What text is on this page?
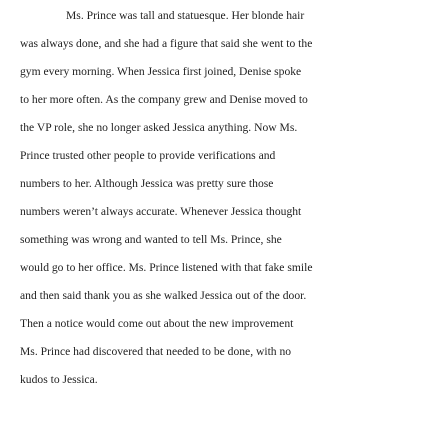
Ms. Prince was tall and statuesque. Her blonde hair
was always done, and she had a figure that said she went to the
gym every morning. When Jessica first joined, Denise spoke
to her more often. As the company grew and Denise moved to
the VP role, she no longer asked Jessica anything. Now Ms.
Prince trusted other people to provide verifications and
numbers to her. Although Jessica was pretty sure those
numbers weren’t always accurate. Whenever Jessica thought
something was wrong and wanted to tell Ms. Prince, she
would go to her office. Ms. Prince listened with that fake smile
and then said thank you as she walked Jessica out of the door.
Then a notice would come out about the new improvement
Ms. Prince had discovered that needed to be done, with no
kudos to Jessica.
